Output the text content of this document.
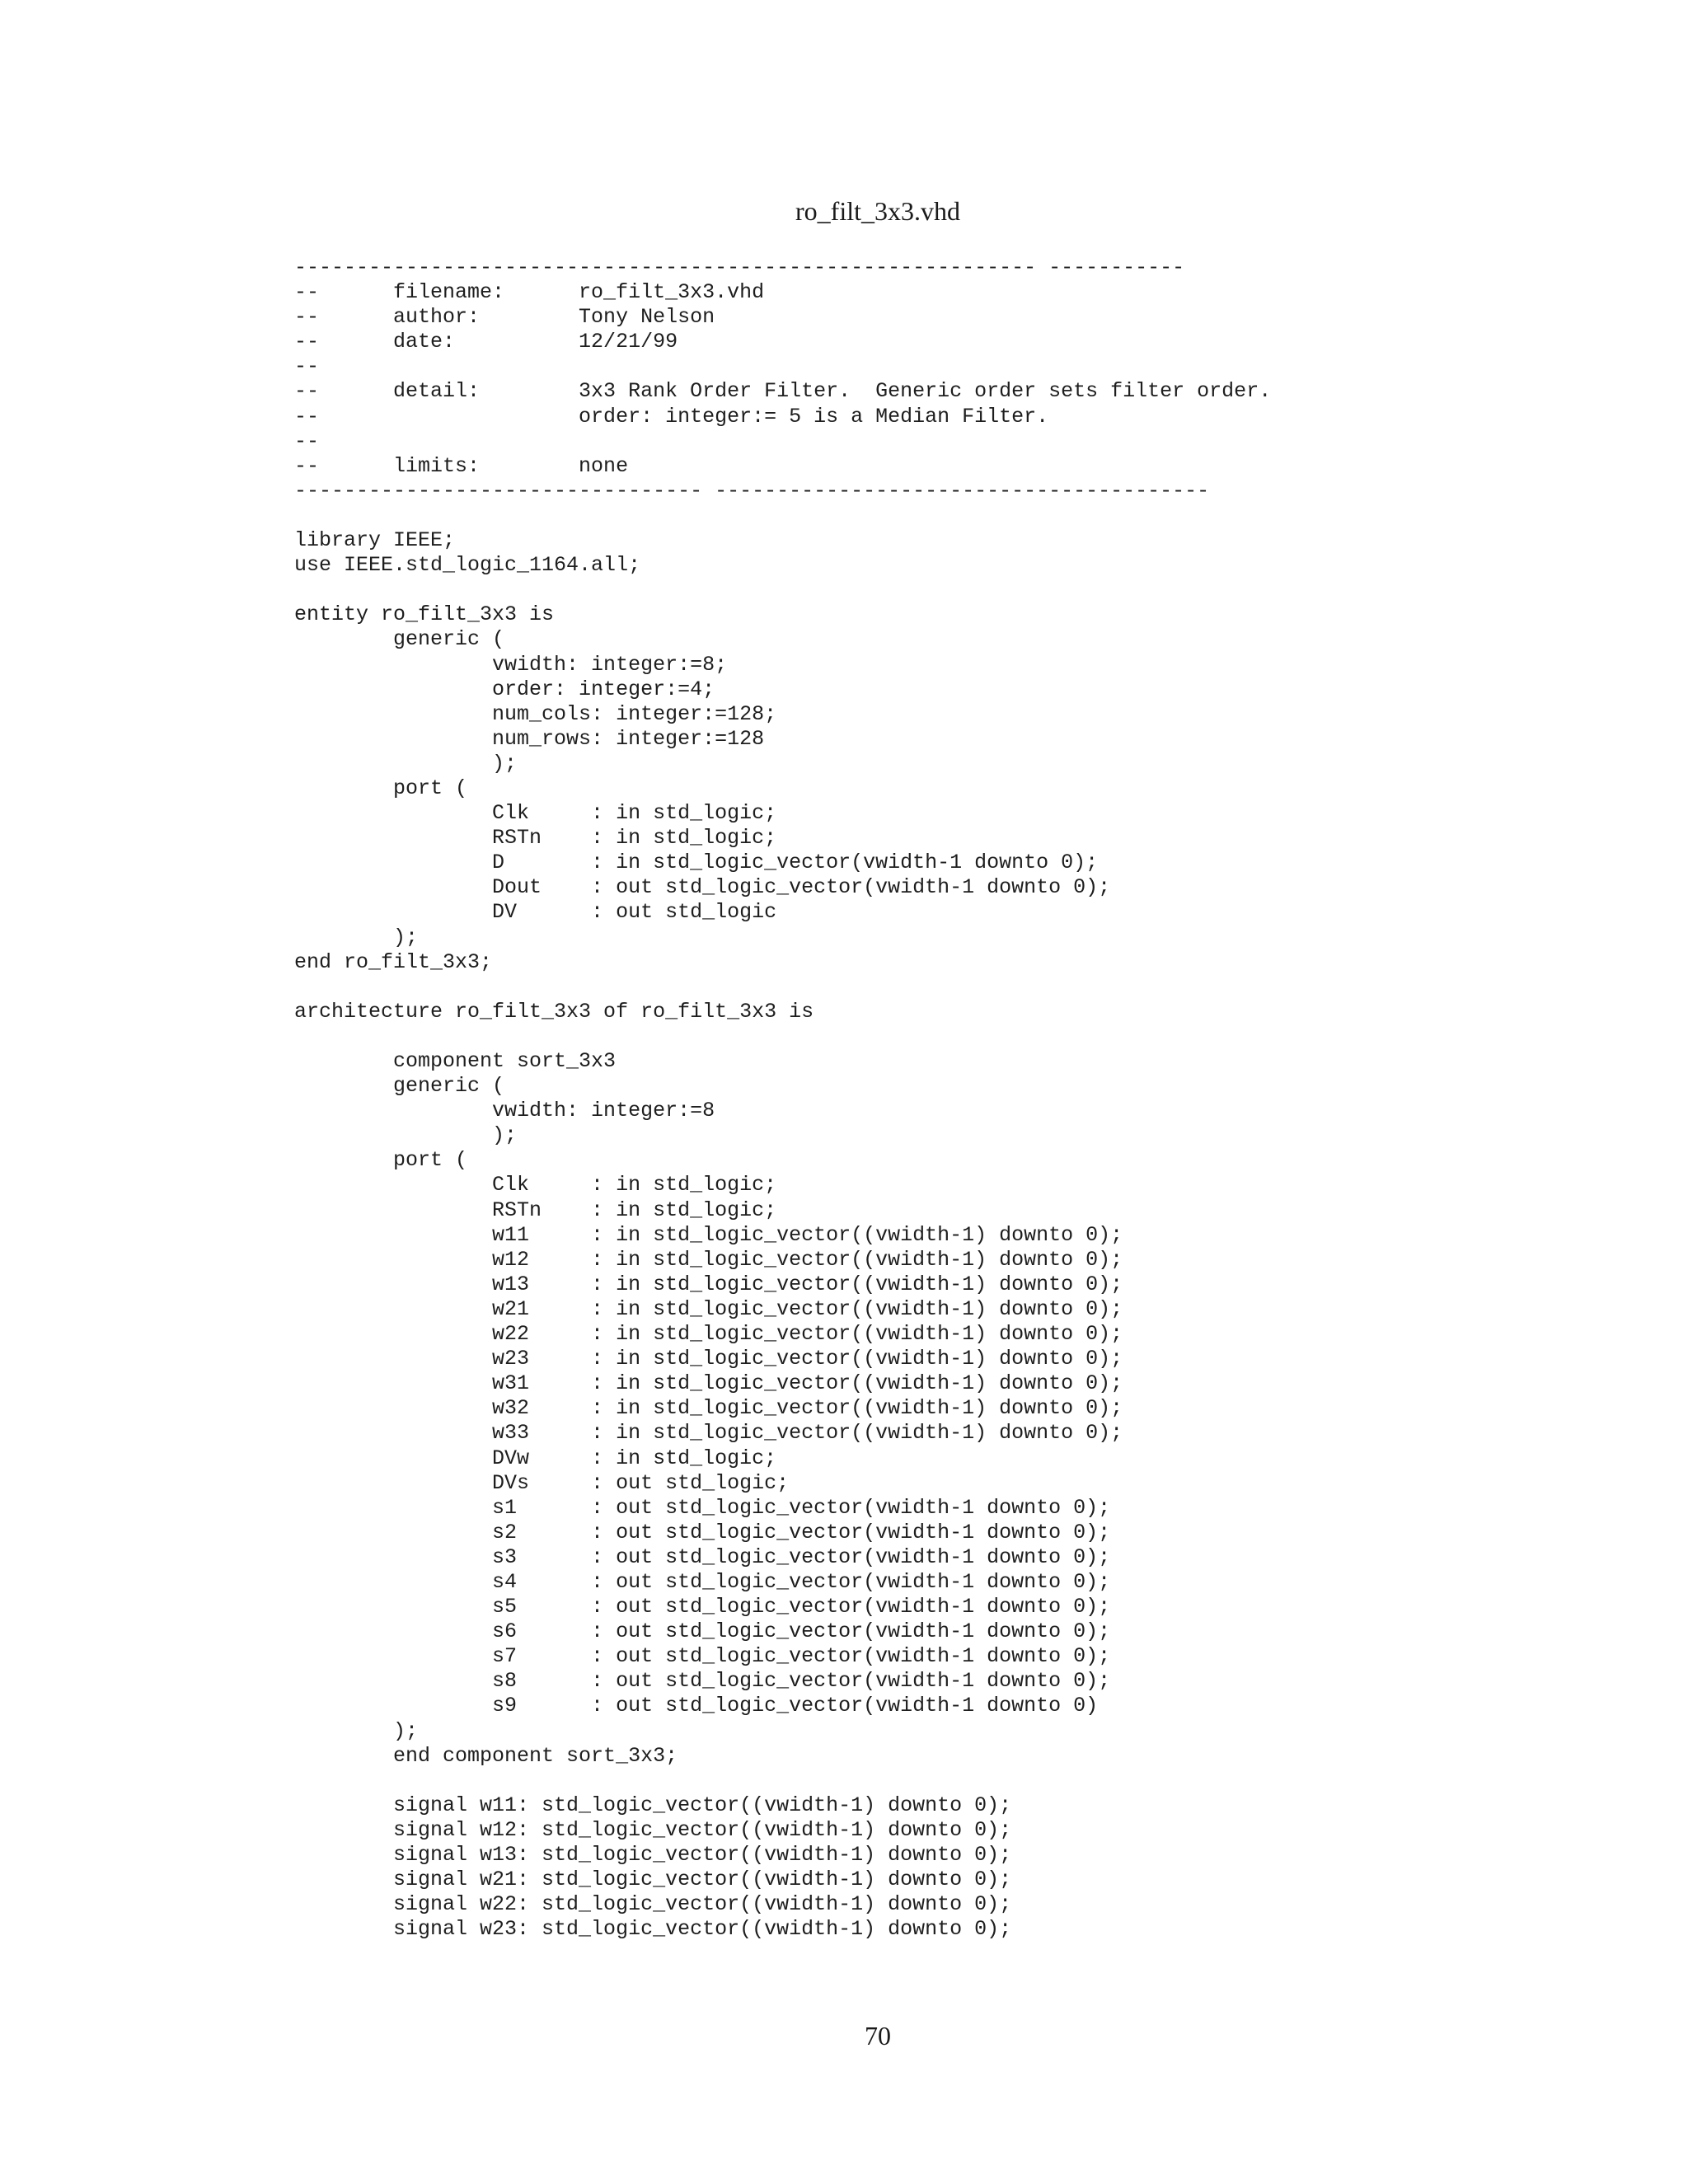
ro_filt_3x3.vhd
------------------------------------------------------------ -----------
--      filename:      ro_filt_3x3.vhd
--      author:        Tony Nelson
--      date:          12/21/99
--
--      detail:        3x3 Rank Order Filter.  Generic order sets filter order.
--                     order: integer:= 5 is a Median Filter.
--
--      limits:        none
--------------------------------- ----------------------------------------
library IEEE;
use IEEE.std_logic_1164.all;
entity ro_filt_3x3 is
generic (
vwidth: integer:=8;
order: integer:=4;
num_cols: integer:=128;
num_rows: integer:=128
);
port (
Clk     : in std_logic;
RSTn    : in std_logic;
D       : in std_logic_vector(vwidth-1 downto 0);
Dout    : out std_logic_vector(vwidth-1 downto 0);
DV      : out std_logic
);
end ro_filt_3x3;
architecture ro_filt_3x3 of ro_filt_3x3 is
component sort_3x3
generic (
vwidth: integer:=8
);
port (
Clk     : in std_logic;
RSTn    : in std_logic;
w11     : in std_logic_vector((vwidth-1) downto 0);
w12     : in std_logic_vector((vwidth-1) downto 0);
w13     : in std_logic_vector((vwidth-1) downto 0);
w21     : in std_logic_vector((vwidth-1) downto 0);
w22     : in std_logic_vector((vwidth-1) downto 0);
w23     : in std_logic_vector((vwidth-1) downto 0);
w31     : in std_logic_vector((vwidth-1) downto 0);
w32     : in std_logic_vector((vwidth-1) downto 0);
w33     : in std_logic_vector((vwidth-1) downto 0);
DVw     : in std_logic;
DVs     : out std_logic;
s1      : out std_logic_vector(vwidth-1 downto 0);
s2      : out std_logic_vector(vwidth-1 downto 0);
s3      : out std_logic_vector(vwidth-1 downto 0);
s4      : out std_logic_vector(vwidth-1 downto 0);
s5      : out std_logic_vector(vwidth-1 downto 0);
s6      : out std_logic_vector(vwidth-1 downto 0);
s7      : out std_logic_vector(vwidth-1 downto 0);
s8      : out std_logic_vector(vwidth-1 downto 0);
s9      : out std_logic_vector(vwidth-1 downto 0)
);
end component sort_3x3;
signal w11: std_logic_vector((vwidth-1) downto 0);
signal w12: std_logic_vector((vwidth-1) downto 0);
signal w13: std_logic_vector((vwidth-1) downto 0);
signal w21: std_logic_vector((vwidth-1) downto 0);
signal w22: std_logic_vector((vwidth-1) downto 0);
signal w23: std_logic_vector((vwidth-1) downto 0);
70
